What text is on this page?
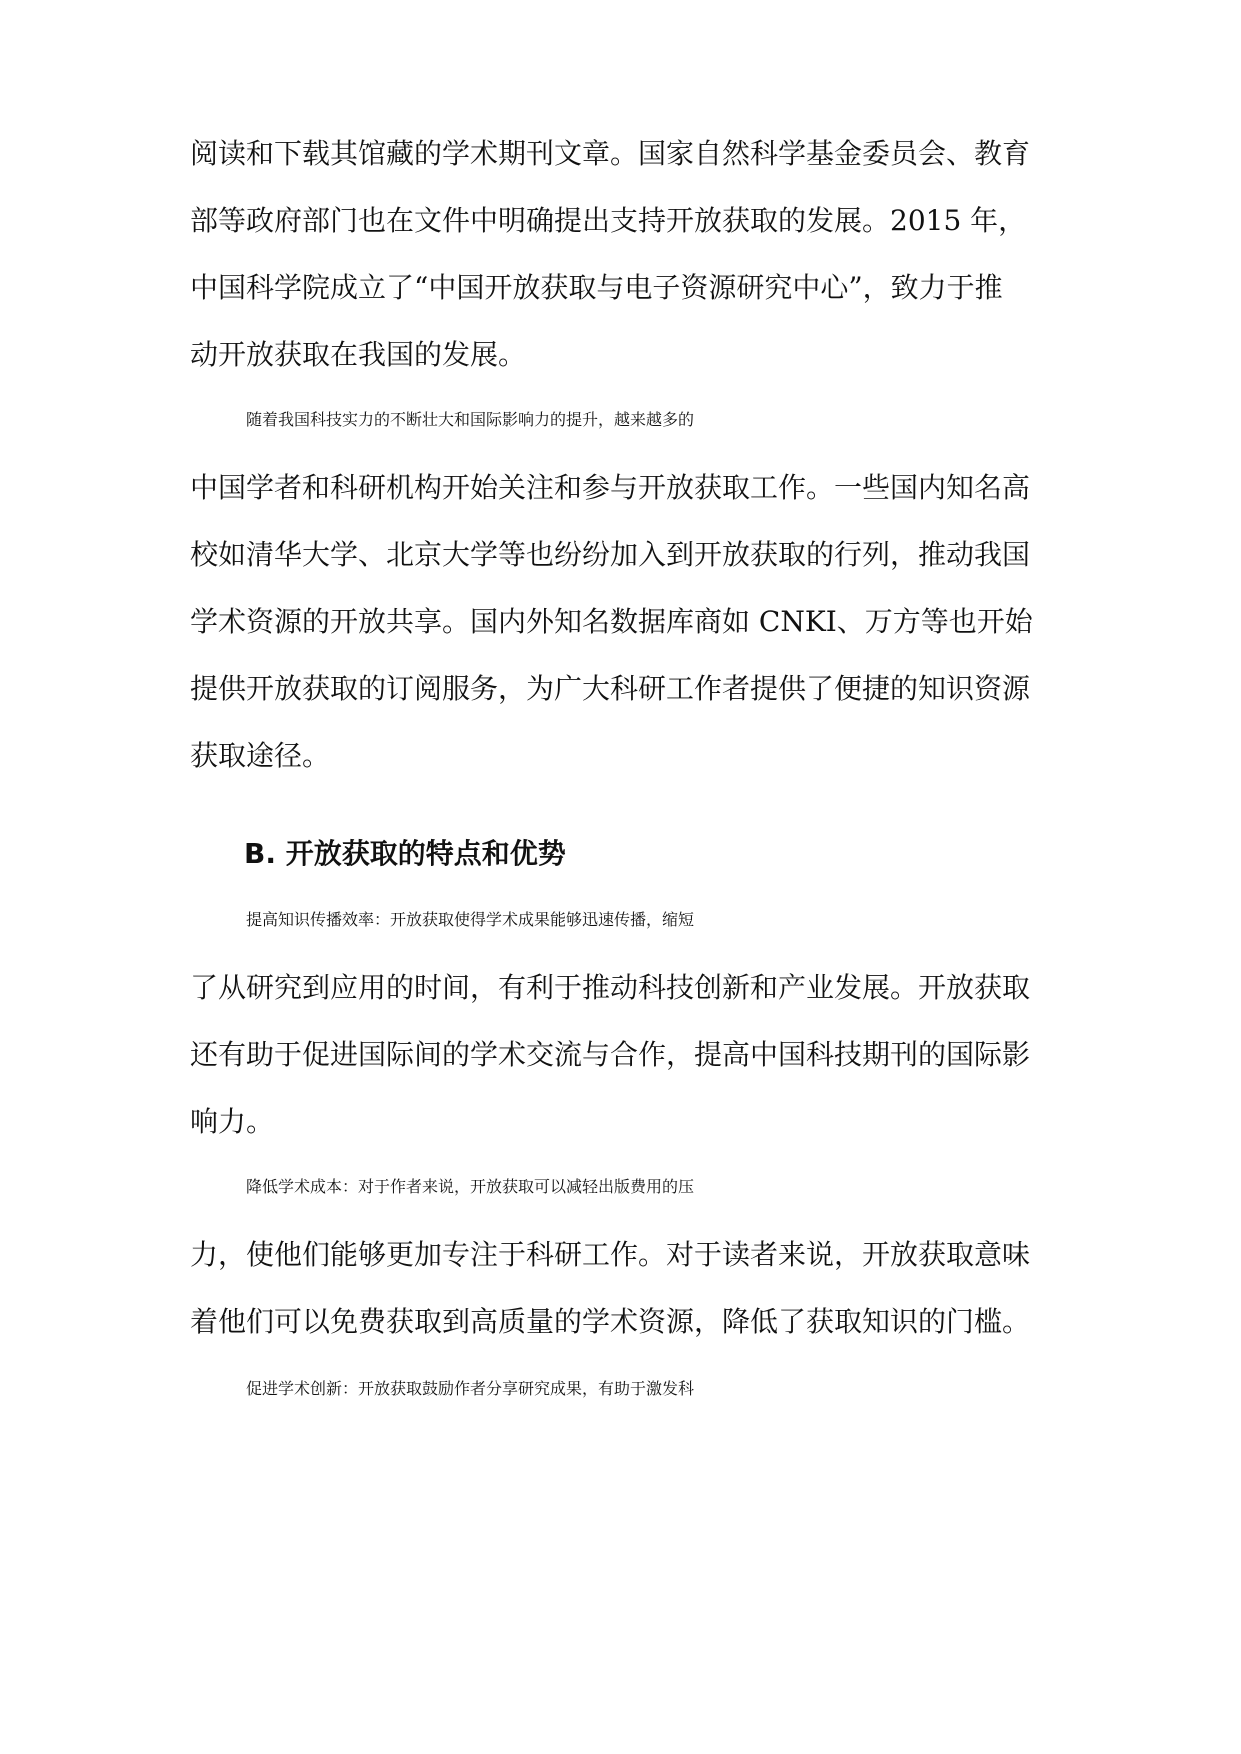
阅读和下载其馆藏的学术期刊文章。国家自然科学基金委员会、教育
部等政府部门也在文件中明确提出支持开放获取的发展。2015 年，
中国科学院成立了“中国开放获取与电子资源研究中心”，致力于推
动开放获取在我国的发展。
随着我国科技实力的不断壮大和国际影响力的提升，越来越多的
中国学者和科研机构开始关注和参与开放获取工作。一些国内知名高
校如清华大学、北京大学等也纷纷加入到开放获取的行列，推动我国
学术资源的开放共享。国内外知名数据库商如 CNKI、万方等也开始
提供开放获取的订阅服务，为广大科研工作者提供了便捷的知识资源
获取途径。
B. 开放获取的特点和优势
提高知识传播效率：开放获取使得学术成果能够迅速传播，缩短
了从研究到应用的时间，有利于推动科技创新和产业发展。开放获取
还有助于促进国际间的学术交流与合作，提高中国科技期刊的国际影
响力。
降低学术成本：对于作者来说，开放获取可以减轻出版费用的压
力，使他们能够更加专注于科研工作。对于读者来说，开放获取意味
着他们可以免费获取到高质量的学术资源，降低了获取知识的门槛。
促进学术创新：开放获取鼓励作者分享研究成果，有助于激发科
